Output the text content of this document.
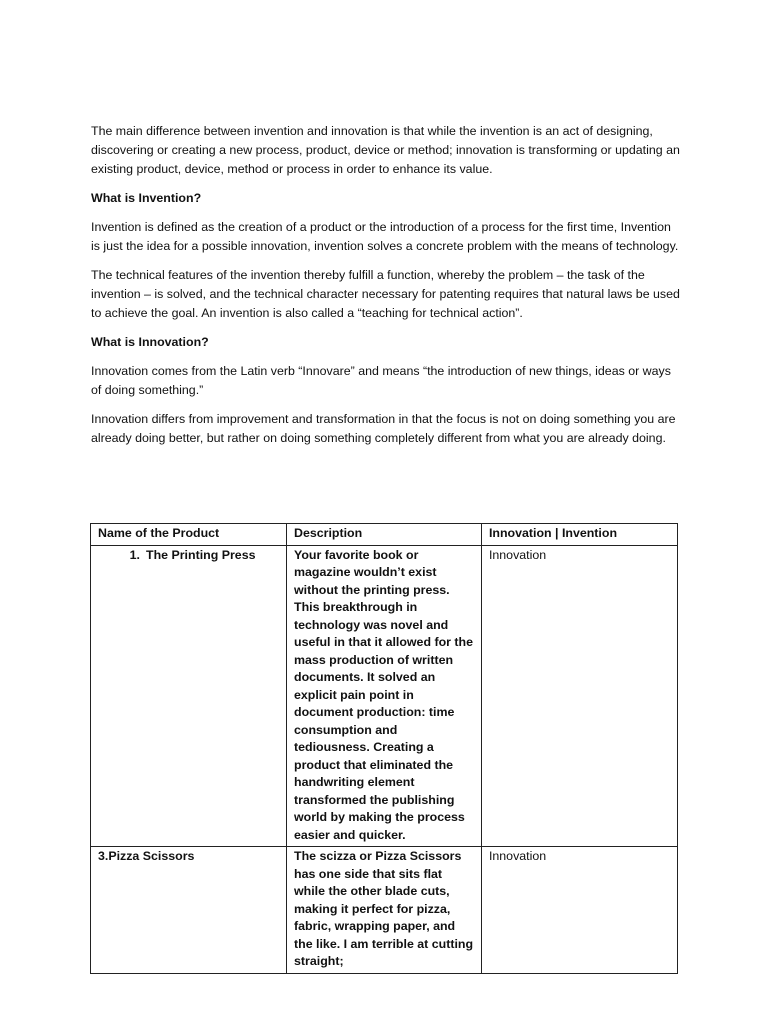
The main difference between invention and innovation is that while the invention is an act of designing, discovering or creating a new process, product, device or method; innovation is transforming or updating an existing product, device, method or process in order to enhance its value.

What is Invention?

Invention is defined as the creation of a product or the introduction of a process for the first time, Invention is just the idea for a possible innovation, invention solves a concrete problem with the means of technology.

The technical features of the invention thereby fulfill a function, whereby the problem – the task of the invention – is solved, and the technical character necessary for patenting requires that natural laws be used to achieve the goal. An invention is also called a “teaching for technical action”.

What is Innovation?

Innovation comes from the Latin verb “Innovare” and means “the introduction of new things, ideas or ways of doing something.”

Innovation differs from improvement and transformation in that the focus is not on doing something you are already doing better, but rather on doing something completely different from what you are already doing.

Name of the Product	Description	Innovation | Invention
1. The Printing Press	Your favorite book or magazine wouldn’t exist without the printing press. This breakthrough in technology was novel and useful in that it allowed for the mass production of written documents. It solved an explicit pain point in document production: time consumption and tediousness. Creating a product that eliminated the handwriting element transformed the publishing world by making the process easier and quicker.	Innovation
3.Pizza Scissors	The scizza or Pizza Scissors has one side that sits flat while the other blade cuts, making it perfect for pizza, fabric, wrapping paper, and the like. I am terrible at cutting straight;	Innovation
